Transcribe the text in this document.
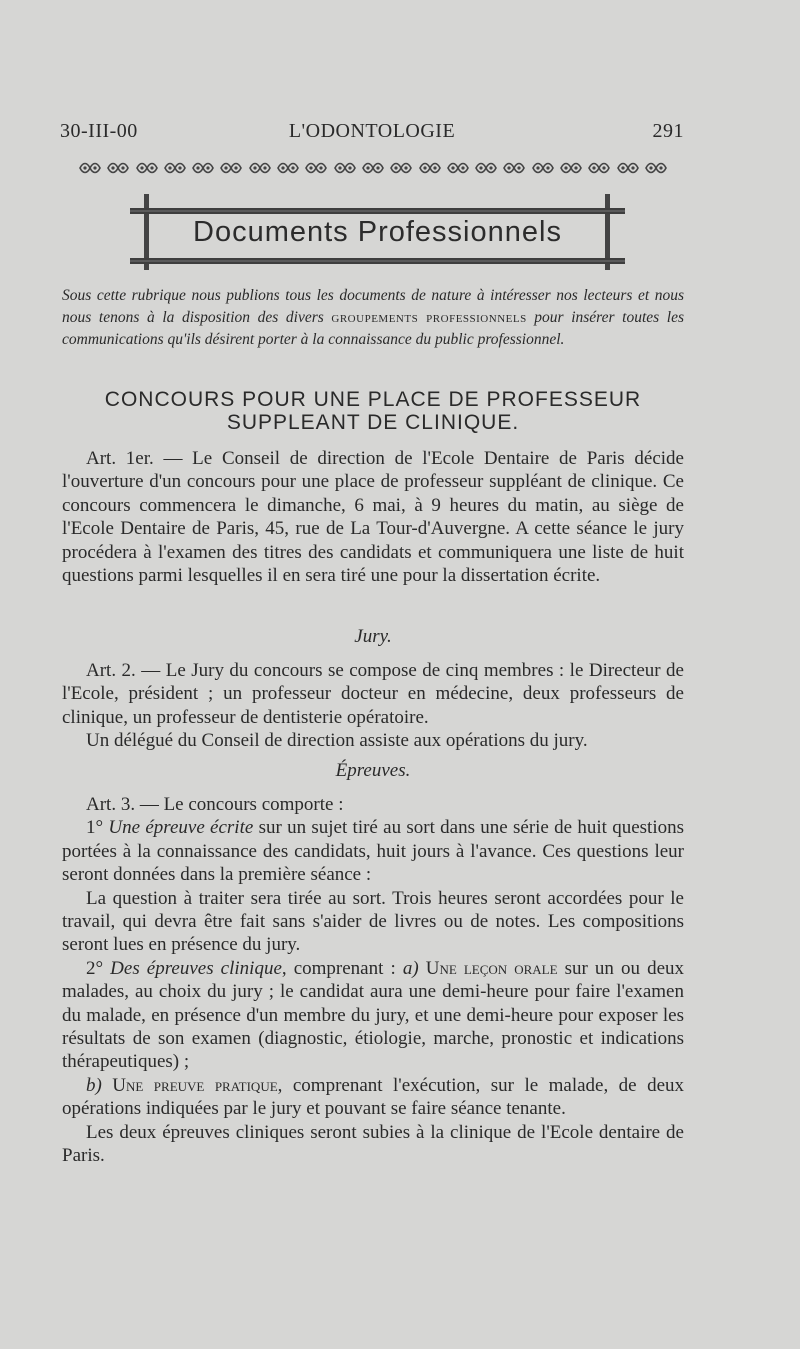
30-III-00	L'ODONTOLOGIE	291
Documents Professionnels
Sous cette rubrique nous publions tous les documents de nature à intéresser nos lecteurs et nous nous tenons à la disposition des divers groupements professionnels pour insérer toutes les communications qu'ils désirent porter à la connaissance du public professionnel.
CONCOURS POUR UNE PLACE DE PROFESSEUR
SUPPLEANT DE CLINIQUE.

Art. 1er. — Le Conseil de direction de l'Ecole Dentaire de Paris décide l'ouverture d'un concours pour une place de professeur suppléant de clinique. Ce concours commencera le dimanche, 6 mai, à 9 heures du matin, au siège de l'Ecole Dentaire de Paris, 45, rue de La Tour-d'Auvergne. A cette séance le jury procédera à l'examen des titres des candidats et communiquera une liste de huit questions parmi lesquelles il en sera tiré une pour la dissertation écrite.

Jury.

Art. 2. — Le Jury du concours se compose de cinq membres : le Directeur de l'Ecole, président ; un professeur docteur en médecine, deux professeurs de clinique, un professeur de dentisterie opératoire.

Un délégué du Conseil de direction assiste aux opérations du jury.

Épreuves.

Art. 3. — Le concours comporte :

1° Une épreuve écrite sur un sujet tiré au sort dans une série de huit questions portées à la connaissance des candidats, huit jours à l'avance. Ces questions leur seront données dans la première séance :

La question à traiter sera tirée au sort. Trois heures seront accordées pour le travail, qui devra être fait sans s'aider de livres ou de notes. Les compositions seront lues en présence du jury.

2° Des épreuves clinique, comprenant : a) Une leçon orale sur un ou deux malades, au choix du jury ; le candidat aura une demi-heure pour faire l'examen du malade, en présence d'un membre du jury, et une demi-heure pour exposer les résultats de son examen (diagnostic, étiologie, marche, pronostic et indications thérapeutiques) ;

b) Une preuve pratique, comprenant l'exécution, sur le malade, de deux opérations indiquées par le jury et pouvant se faire séance tenante.

Les deux épreuves cliniques seront subies à la clinique de l'Ecole dentaire de Paris.
